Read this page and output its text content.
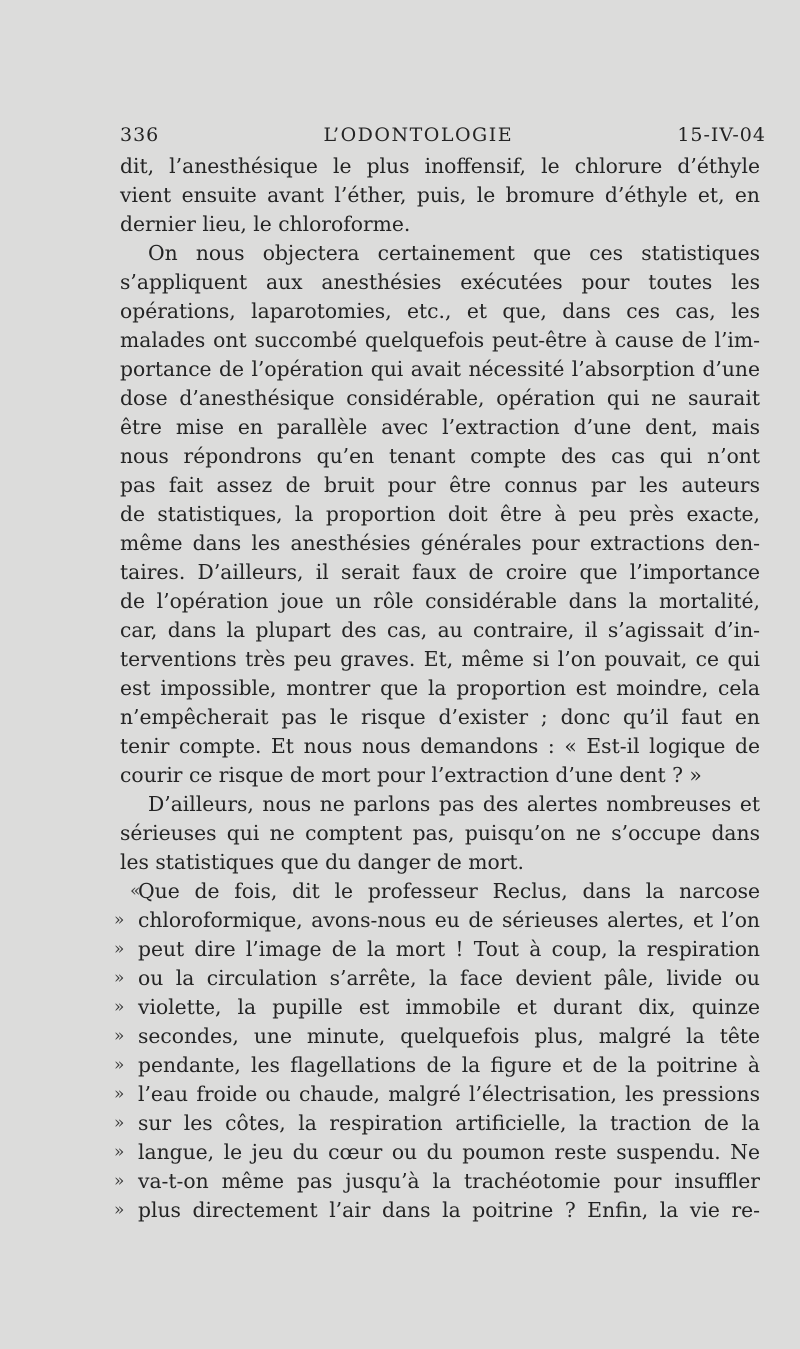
336	L’ODONTOLOGIE	15-IV-04
dit, l’anesthésique le plus inoffensif, le chlorure d’éthyle
vient ensuite avant l’éther, puis, le bromure d’éthyle et, en
dernier lieu, le chloroforme.
On nous objectera certainement que ces statistiques
s’appliquent aux anesthésies exécutées pour toutes les
opérations, laparotomies, etc., et que, dans ces cas, les
malades ont succombé quelquefois peut-être à cause de l’im-
portance de l’opération qui avait nécessité l’absorption d’une
dose d’anesthésique considérable, opération qui ne saurait
être mise en parallèle avec l’extraction d’une dent, mais
nous répondrons qu’en tenant compte des cas qui n’ont
pas fait assez de bruit pour être connus par les auteurs
de statistiques, la proportion doit être à peu près exacte,
même dans les anesthésies générales pour extractions den-
taires. D’ailleurs, il serait faux de croire que l’importance
de l’opération joue un rôle considérable dans la mortalité,
car, dans la plupart des cas, au contraire, il s’agissait d’in-
terventions très peu graves. Et, même si l’on pouvait, ce qui
est impossible, montrer que la proportion est moindre, cela
n’empêcherait pas le risque d’exister ; donc qu’il faut en
tenir compte. Et nous nous demandons : « Est-il logique de
courir ce risque de mort pour l’extraction d’une dent ? »
D’ailleurs, nous ne parlons pas des alertes nombreuses et
sérieuses qui ne comptent pas, puisqu’on ne s’occupe dans
les statistiques que du danger de mort.
«
Que de fois, dit le professeur Reclus, dans la narcose
» chloroformique, avons-nous eu de sérieuses alertes, et l’on
» peut dire l’image de la mort ! Tout à coup, la respiration
» ou la circulation s’arrête, la face devient pâle, livide ou
» violette, la pupille est immobile et durant dix, quinze
» secondes, une minute, quelquefois plus, malgré la tête
» pendante, les flagellations de la figure et de la poitrine à
» l’eau froide ou chaude, malgré l’électrisation, les pressions
» sur les côtes, la respiration artificielle, la traction de la
» langue, le jeu du cœur ou du poumon reste suspendu. Ne
» va-t-on même pas jusqu’à la trachéotomie pour insuffler
» plus directement l’air dans la poitrine ? Enfin, la vie re-
